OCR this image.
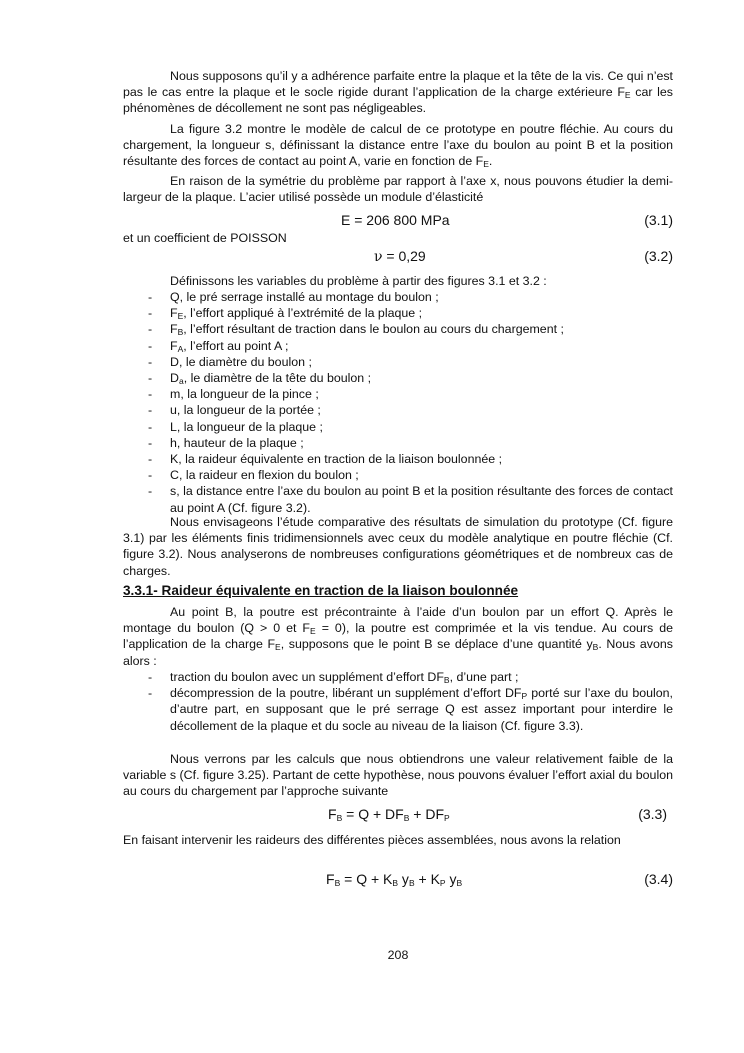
Nous supposons qu’il y a adhérence parfaite entre la plaque et la tête de la vis. Ce qui n’est pas le cas entre la plaque et le socle rigide durant l’application de la charge extérieure $F_E$ car les phénomènes de décollement ne sont pas négligeables.

La figure 3.2 montre le modèle de calcul de ce prototype en poutre fléchie. Au cours du chargement, la longueur s, définissant la distance entre l’axe du boulon au point B et la position résultante des forces de contact au point A, varie en fonction de $F_E$.

En raison de la symétrie du problème par rapport à l’axe x, nous pouvons étudier la demi-largeur de la plaque. L’acier utilisé possède un module d’élasticité

E = 206 800 MPa	(3.1)

et un coefficient de POISSON

ν = 0,29	(3.2)

Définissons les variables du problème à partir des figures 3.1 et 3.2 :

- Q, le pré serrage installé au montage du boulon ;
- $F_E$, l’effort appliqué à l’extrémité de la plaque ;
- $F_B$, l’effort résultant de traction dans le boulon au cours du chargement ;
- $F_A$, l’effort au point A ;
- D, le diamètre du boulon ;
- $D_a$, le diamètre de la tête du boulon ;
- m, la longueur de la pince ;
- u, la longueur de la portée ;
- L, la longueur de la plaque ;
- h, hauteur de la plaque ;
- K, la raideur équivalente en traction de la liaison boulonnée ;
- C, la raideur en flexion du boulon ;
- s, la distance entre l’axe du boulon au point B et la position résultante des forces de contact au point A (Cf. figure 3.2).

Nous envisageons l’étude comparative des résultats de simulation du prototype (Cf. figure 3.1) par les éléments finis tridimensionnels avec ceux du modèle analytique en poutre fléchie (Cf. figure 3.2). Nous analyserons de nombreuses configurations géométriques et de nombreux cas de charges.

3.3.1- Raideur équivalente en traction de la liaison boulonnée

Au point B, la poutre est précontrainte à l’aide d’un boulon par un effort Q. Après le montage du boulon (Q > 0 et $F_E = 0$), la poutre est comprimée et la vis tendue. Au cours de l’application de la charge $F_E$, supposons que le point B se déplace d’une quantité $y_B$. Nous avons alors :

- traction du boulon avec un supplément d’effort $DF_B$, d’une part ;
- décompression de la poutre, libérant un supplément d’effort $DF_P$ porté sur l’axe du boulon, d’autre part, en supposant que le pré serrage Q est assez important pour interdire le décollement de la plaque et du socle au niveau de la liaison (Cf. figure 3.3).

Nous verrons par les calculs que nous obtiendrons une valeur relativement faible de la variable s (Cf. figure 3.25). Partant de cette hypothèse, nous pouvons évaluer l’effort axial du boulon au cours du chargement par l’approche suivante

$F_B = Q + DF_B + DF_P$	(3.3)

En faisant intervenir les raideurs des différentes pièces assemblées, nous avons la relation

$F_B = Q + K_B$ $y_B + K_P$ $y_B$	(3.4)
208
